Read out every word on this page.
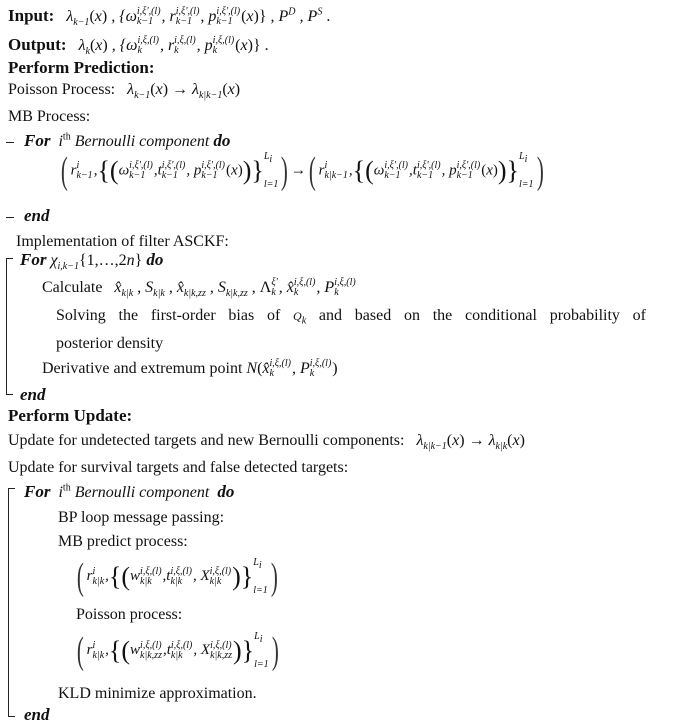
Input:   $\lambda_{k-1}(x)$ , {ω i,ξ',(l)
k−1 , r i,ξ',(l)
k−1 , p i,ξ',(l)
k−1 (x)} , $P^D$ , $P^S$ .
Output:   $\lambda_k(x)$ , {ω i,ξ,(l)
k	, r i,ξ,(l)
k	, p i,ξ,(l)
k	(x)} .
Perform Prediction:
Poisson Process:   $\lambda_{k-1}(x) \to \lambda_{k|k-1}(x)$
MB Process:
For $i^{th}$ Bernoulli component do
( r i
k−1 ,{(ω i,ξ',(l)
k−1 ,t i,ξ',(l)
k−1 , p i,ξ',(l)
k−1 (x))} $L_i$

l=1 ) →( r i
k|k−1 ,{(ω i,ξ',(l)
k−1 ,t i,ξ',(l)
k−1 , p i,ξ',(l)
k−1 (x))} $L_i$

l=1 )
end
Implementation of filter ASCKF:
For $\chi_{i,k-1}\{1,\dots,2n\}$ do
Calculate   $x̂_{k|k}$ , $S_{k|k}$ , $x̂_{k|k,zz}$ , $S_{k|k,zz}$ , Λ ξ'
k , x̂ i,ξ,(l)
k	, P i,ξ,(l)
k
Solving the first-order bias of $Q_k$ and based on the conditional probability of
posterior density
Derivative and extremum point N(x̂ i,ξ,(l)
k	, P i,ξ,(l)
k	)
end
Perform Update:
Update for undetected targets and new Bernoulli components:   $\lambda_{k|k-1}(x) \to \lambda_{k|k}(x)$
Update for survival targets and false detected targets:
For $i^{th}$ Bernoulli component do
BP loop message passing:
MB predict process:
( r i
k|k ,{(w i,ξ,(l)
k|k ,t i,ξ,(l)
k|k , X i,ξ,(l)
k|k )} $L_i$

l=1 )
Poisson process:
( r i
k|k ,{(w i,ξ,(l)
k|k,zz ,t i,ξ,(l)
k|k , X i,ξ,(l)
k|k,zz )} $L_i$

l=1 )
KLD minimize approximation.
end
